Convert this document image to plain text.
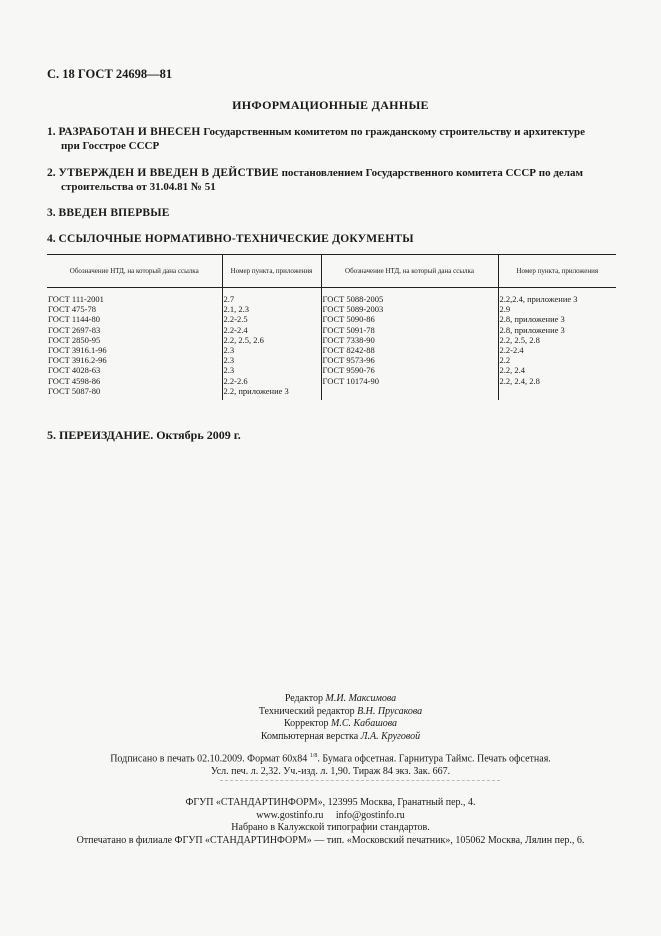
С. 18 ГОСТ 24698—81
ИНФОРМАЦИОННЫЕ ДАННЫЕ
1. РАЗРАБОТАН И ВНЕСЕН Государственным комитетом по гражданскому строительству и архитектуре
при Госстрое СССР
2. УТВЕРЖДЕН И ВВЕДЕН В ДЕЙСТВИЕ постановлением Государственного комитета СССР по делам
строительства от 31.04.81 № 51
3. ВВЕДЕН ВПЕРВЫЕ
4. ССЫЛОЧНЫЕ НОРМАТИВНО-ТЕХНИЧЕСКИЕ ДОКУМЕНТЫ
Обозначение НТД, на который дана ссылка	Номер пункта, приложения	Обозначение НТД, на который дана ссылка	Номер пункта, приложения
ГОСТ 111-2001	2.7	ГОСТ 5088-2005	2.2,2.4, приложение 3
ГОСТ 475-78	2.1, 2.3	ГОСТ 5089-2003	2.9
ГОСТ 1144-80	2.2-2.5	ГОСТ 5090-86	2.8, приложение 3
ГОСТ 2697-83	2.2-2.4	ГОСТ 5091-78	2.8, приложение 3
ГОСТ 2850-95	2.2, 2.5, 2.6	ГОСТ 7338-90	2.2, 2.5, 2.8
ГОСТ 3916.1-96	2.3	ГОСТ 8242-88	2.2-2.4
ГОСТ 3916.2-96	2.3	ГОСТ 9573-96	2.2
ГОСТ 4028-63	2.3	ГОСТ 9590-76	2.2, 2.4
ГОСТ 4598-86	2.2-2.6	ГОСТ 10174-90	2.2, 2.4, 2.8
ГОСТ 5087-80	2.2, приложение 3		
5. ПЕРЕИЗДАНИЕ. Октябрь 2009 г.
Редактор М.И. Максимова
Технический редактор В.Н. Прусакова
Корректор М.С. Кабашова
Компьютерная верстка Л.А. Круговой
Подписано в печать 02.10.2009. Формат 60x84 $^{1/8}$. Бумага офсетная. Гарнитура Таймс. Печать офсетная.
Усл. печ. л. 2,32. Уч.-изд. л. 1,90. Тираж 84 экз. Зак. 667.
ФГУП «СТАНДАРТИНФОРМ», 123995 Москва, Гранатный пер., 4.
www.gostinfo.ru     info@gostinfo.ru
Набрано в Калужской типографии стандартов.
Отпечатано в филиале ФГУП «СТАНДАРТИНФОРМ» — тип. «Московский печатник», 105062 Москва, Лялин пер., 6.
